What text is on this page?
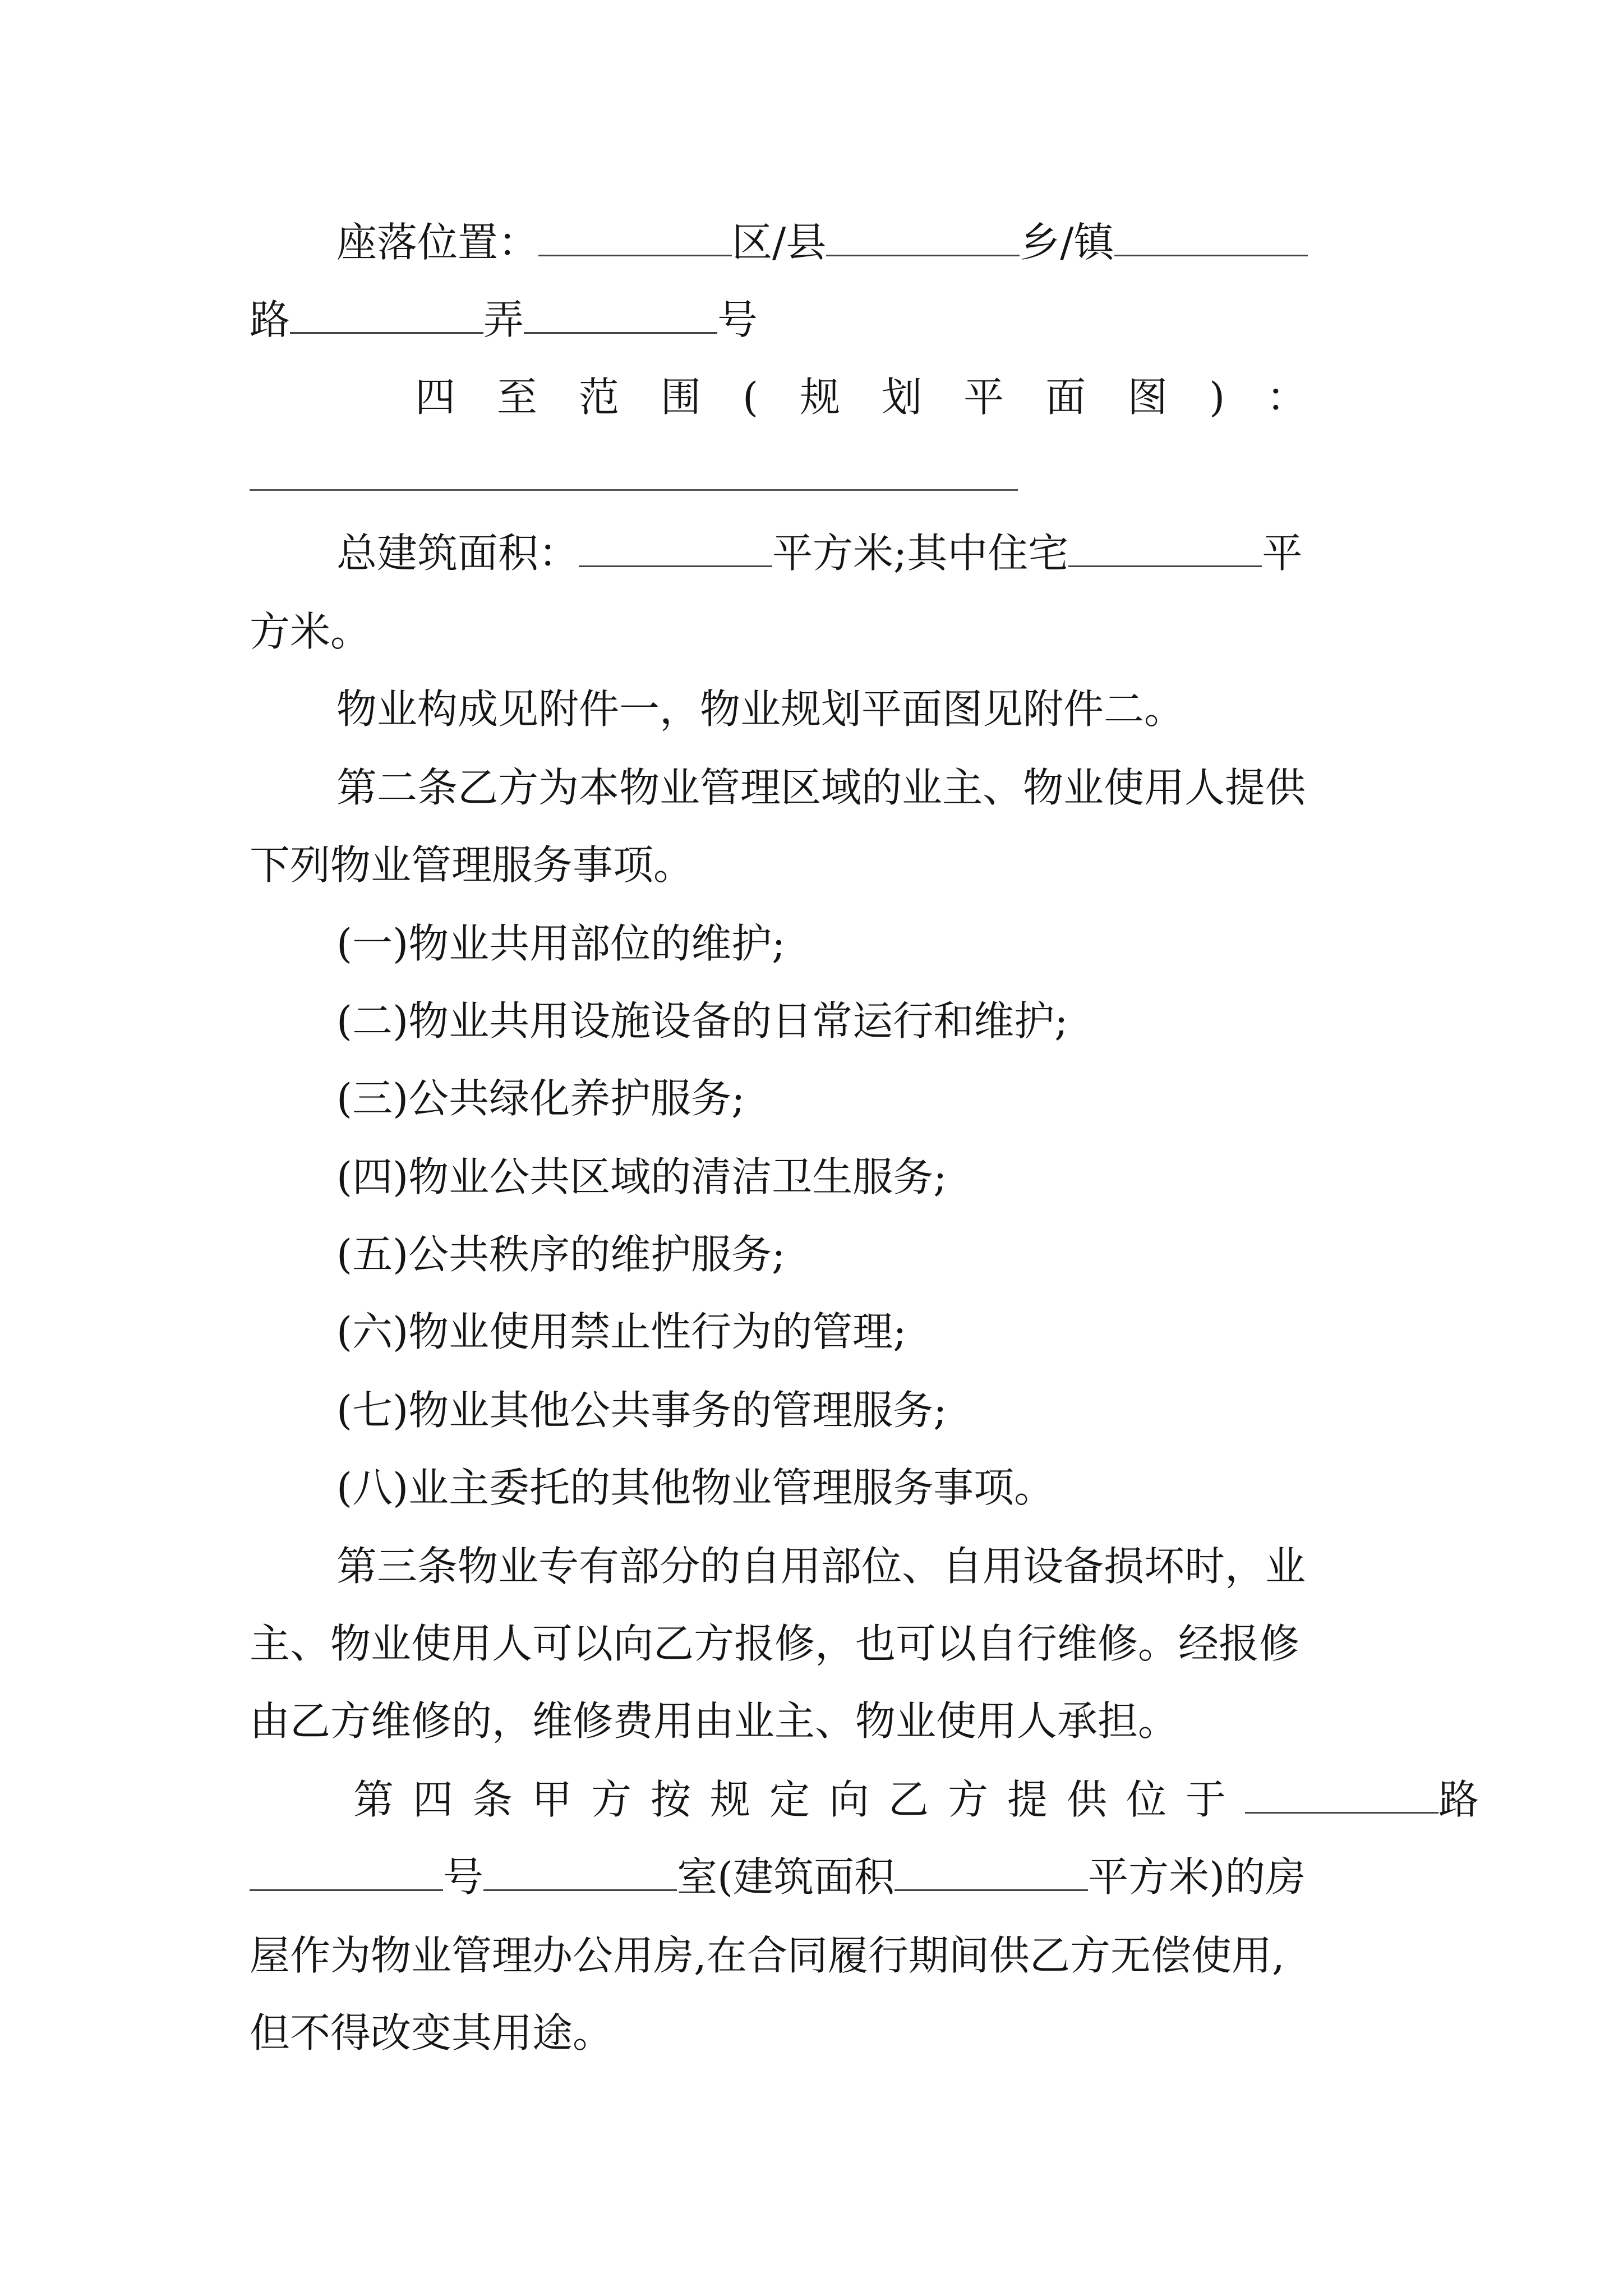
座落位置：	区/县	乡/镇
路	弄	号
四至范围(规划平面图)：
总建筑面积：	平方米;其中住宅	平
方米。
物业构成见附件一，物业规划平面图见附件二。
第二条乙方为本物业管理区域的业主、物业使用人提供
下列物业管理服务事项。
(一)物业共用部位的维护;
(二)物业共用设施设备的日常运行和维护;
(三)公共绿化养护服务;
(四)物业公共区域的清洁卫生服务;
(五)公共秩序的维护服务;
(六)物业使用禁止性行为的管理;
(七)物业其他公共事务的管理服务;
(八)业主委托的其他物业管理服务事项。
第三条物业专有部分的自用部位、自用设备损坏时，业
主、物业使用人可以向乙方报修，也可以自行维修。经报修
由乙方维修的，维修费用由业主、物业使用人承担。
第四条甲方按规定向乙方提供位于	路
号	室(建筑面积	平方米)的房
屋作为物业管理办公用房,在合同履行期间供乙方无偿使用,
但不得改变其用途。
